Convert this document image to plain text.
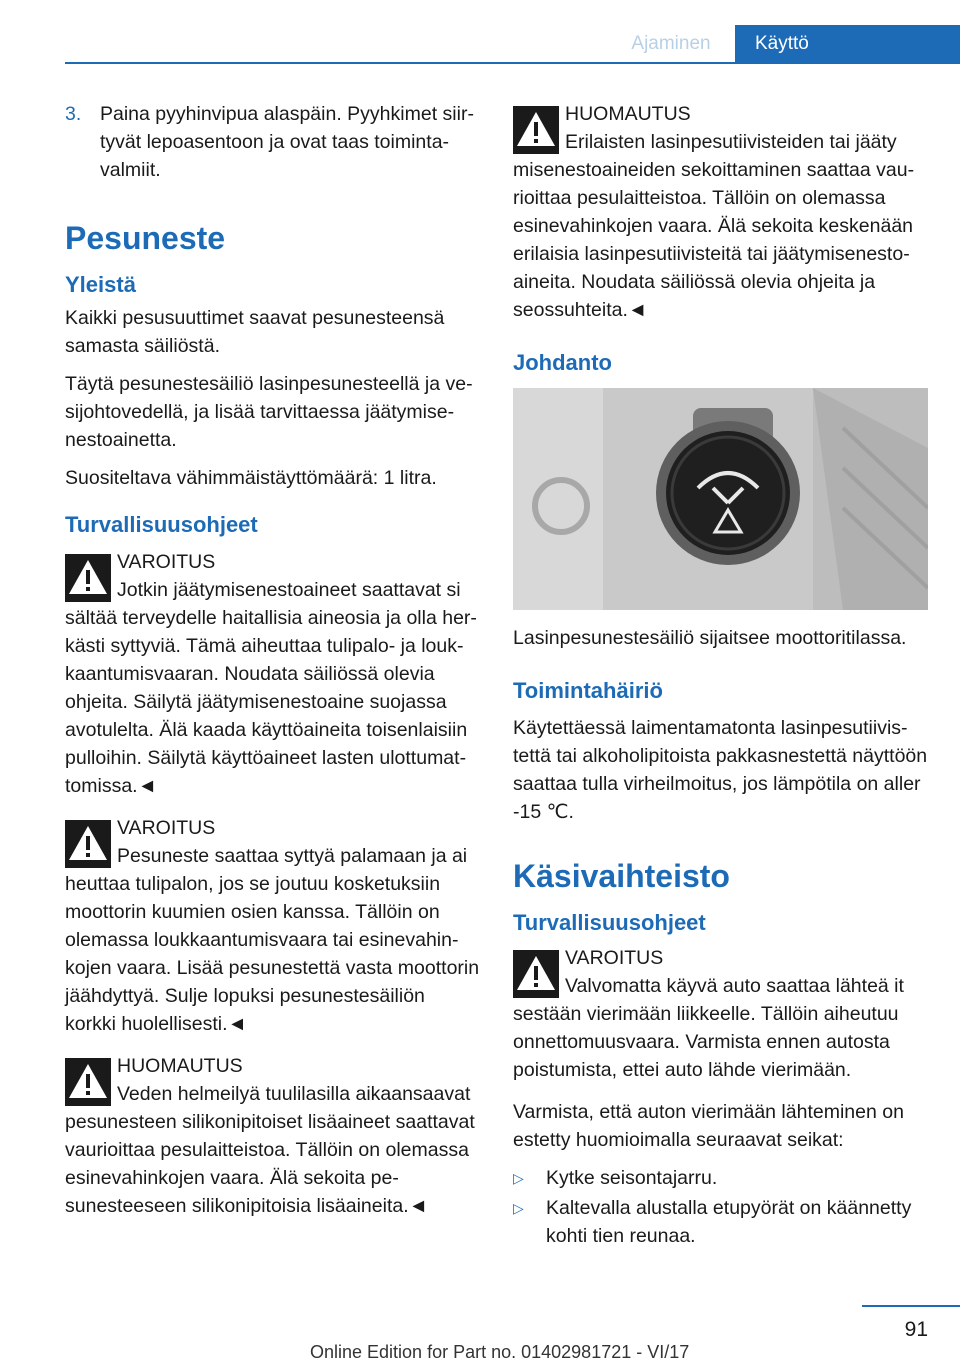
Ajaminen	Käyttö
3. Paina pyyhinvipua alaspäin. Pyyhkimet siirtyvät lepoasentoon ja ovat taas toimintavalmiit.
Pesuneste
Yleistä

Kaikki pesusuuttimet saavat pesunesteensä samasta säiliöstä.

Täytä pesunestesäiliö lasinpesunesteellä ja vesijohtovedellä, ja lisää tarvittaessa jäätymisenestoainetta.

Suositeltava vähimmäistäyttömäärä: 1 litra.

Turvallisuusohjeet
VAROITUS
Jotkin jäätymisenestoaineet saattavat si
sältää terveydelle haitallisia aineosia ja olla herkästi syttyviä. Tämä aiheuttaa tulipalo- ja loukkaantumisvaaran. Noudata säiliössä olevia ohjeita. Säilytä jäätymisenestoaine suojassa avotulelta. Älä kaada käyttöaineita toisenlaisiin pulloihin. Säilytä käyttöaineet lasten ulottumattomissa.◄
VAROITUS
Pesuneste saattaa syttyä palamaan ja ai
heuttaa tulipalon, jos se joutuu kosketuksiin moottorin kuumien osien kanssa. Tällöin on olemassa loukkaantumisvaara tai esinevahinkojen vaara. Lisää pesunestettä vasta moottorin jäähdyttyä. Sulje lopuksi pesunestesäiliön korkki huolellisesti.◄
HUOMAUTUS
Veden helmeilyä tuulilasilla aikaansaavat
pesunesteen silikonipitoiset lisäaineet saattavat vaurioittaa pesulaitteistoa. Tällöin on olemassa esinevahinkojen vaara. Älä sekoita pesunesteeseen silikonipitoisia lisäaineita.◄
HUOMAUTUS
Erilaisten lasinpesutiivisteiden tai jääty
misenestoaineiden sekoittaminen saattaa vaurioittaa pesulaitteistoa. Tällöin on olemassa esinevahinkojen vaara. Älä sekoita keskenään erilaisia lasinpesutiivisteitä tai jäätymisenestoaineita. Noudata säiliössä olevia ohjeita ja seossuhteita.◄
Johdanto

Lasinpesunestesäiliö sijaitsee moottoritilassa.

Toimintahäiriö

Käytettäessä laimentamatonta lasinpesutiivistettä tai alkoholipitoista pakkasnestettä näyttöön saattaa tulla virheilmoitus, jos lämpötila on aller -15 ℃.

Käsivaihteisto
Turvallisuusohjeet
VAROITUS
Valvomatta käyvä auto saattaa lähteä it
sestään vierimään liikkeelle. Tällöin aiheutuu onnettomuusvaara. Varmista ennen autosta poistumista, ettei auto lähde vierimään.

Varmista, että auton vierimään lähteminen on estetty huomioimalla seuraavat seikat:

▷	Kytke seisontajarru.
▷	Kaltevalla alustalla etupyörät on käännetty kohti tien reunaa.
91
Online Edition for Part no. 01402981721 - VI/17
